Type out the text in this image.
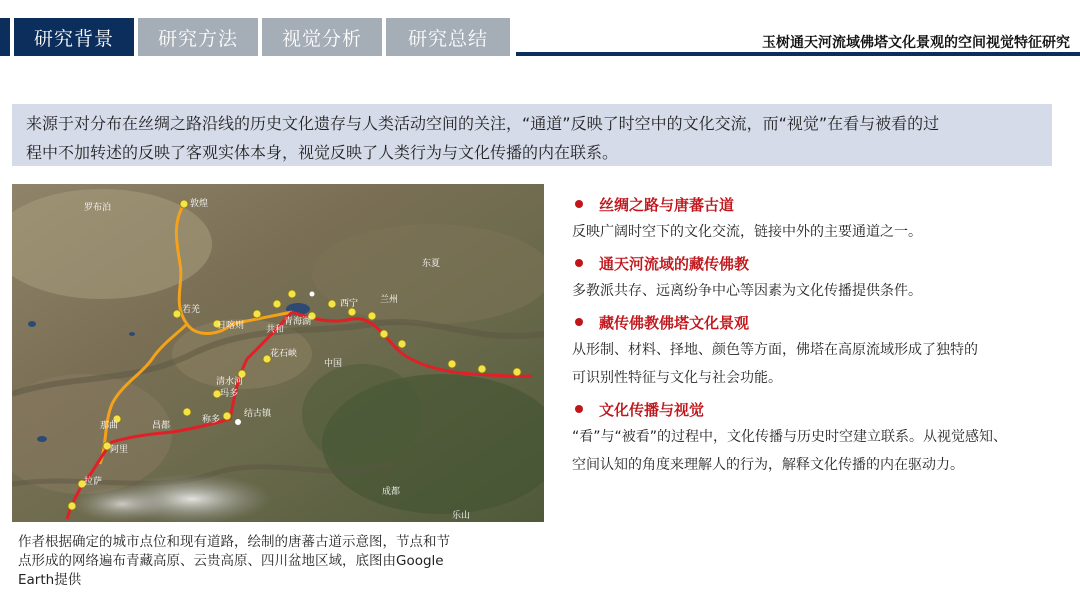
研究背景	研究方法	视觉分析	研究总结	玉树通天河流域佛塔文化景观的空间视觉特征研究
来源于对分布在丝绸之路沿线的历史文化遗存与人类活动空间的关注，“通道”反映了时空中的文化交流，而“视觉”在看与被看的过
程中不加转述的反映了客观实体本身，视觉反映了人类行为与文化传播的内在联系。
敦煌
罗布泊
若羌
西宁
青海湖
共和
花石峡
玛多
清水河
称多
结古镇
兰州
中国
昌都
拉萨
那曲
日喀则
阿里
成都
乐山
东夏
作者根据确定的城市点位和现有道路，绘制的唐蕃古道示意图，节点和节
点形成的网络遍布青藏高原、云贵高原、四川盆地区域，底图由Google
Earth提供
丝绸之路与唐蕃古道
反映广阔时空下的文化交流，链接中外的主要通道之一。
通天河流域的藏传佛教
多教派共存、远离纷争中心等因素为文化传播提供条件。
藏传佛教佛塔文化景观
从形制、材料、择地、颜色等方面，佛塔在高原流域形成了独特的
可识别性特征与文化与社会功能。
文化传播与视觉
“看”与“被看”的过程中，文化传播与历史时空建立联系。从视觉感知、
空间认知的角度来理解人的行为，解释文化传播的内在驱动力。
